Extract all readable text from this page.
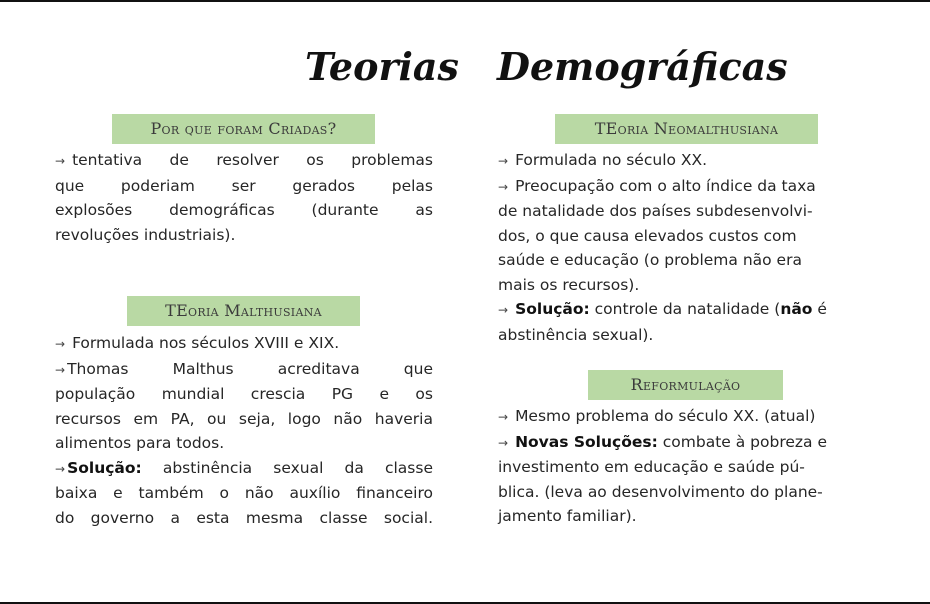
Teorias Demográficas
Por que foram Criadas?

→ tentativa de resolver os problemas

que poderiam ser gerados pelas

explosões demográficas (durante as

revoluções industriais).

TEoria Malthusiana

→ Formulada nos séculos XVIII e XIX.

→ Thomas Malthus acreditava que

população mundial crescia PG e os

recursos em PA, ou seja, logo não haveria

alimentos para todos.

→ Solução: abstinência sexual da classe

baixa e também o não auxílio financeiro

do governo a esta mesma classe social.

TEoria Neomalthusiana

→ Formulada no século XX.

→ Preocupação com o alto índice da taxa

de natalidade dos países subdesenvolvi-

dos, o que causa elevados custos com

saúde e educação (o problema não era

mais os recursos).

→ Solução: controle da natalidade (não é

abstinência sexual).

Reformulação

→ Mesmo problema do século XX. (atual)

→ Novas Soluções: combate à pobreza e

investimento em educação e saúde pú-

blica. (leva ao desenvolvimento do plane-

jamento familiar).
